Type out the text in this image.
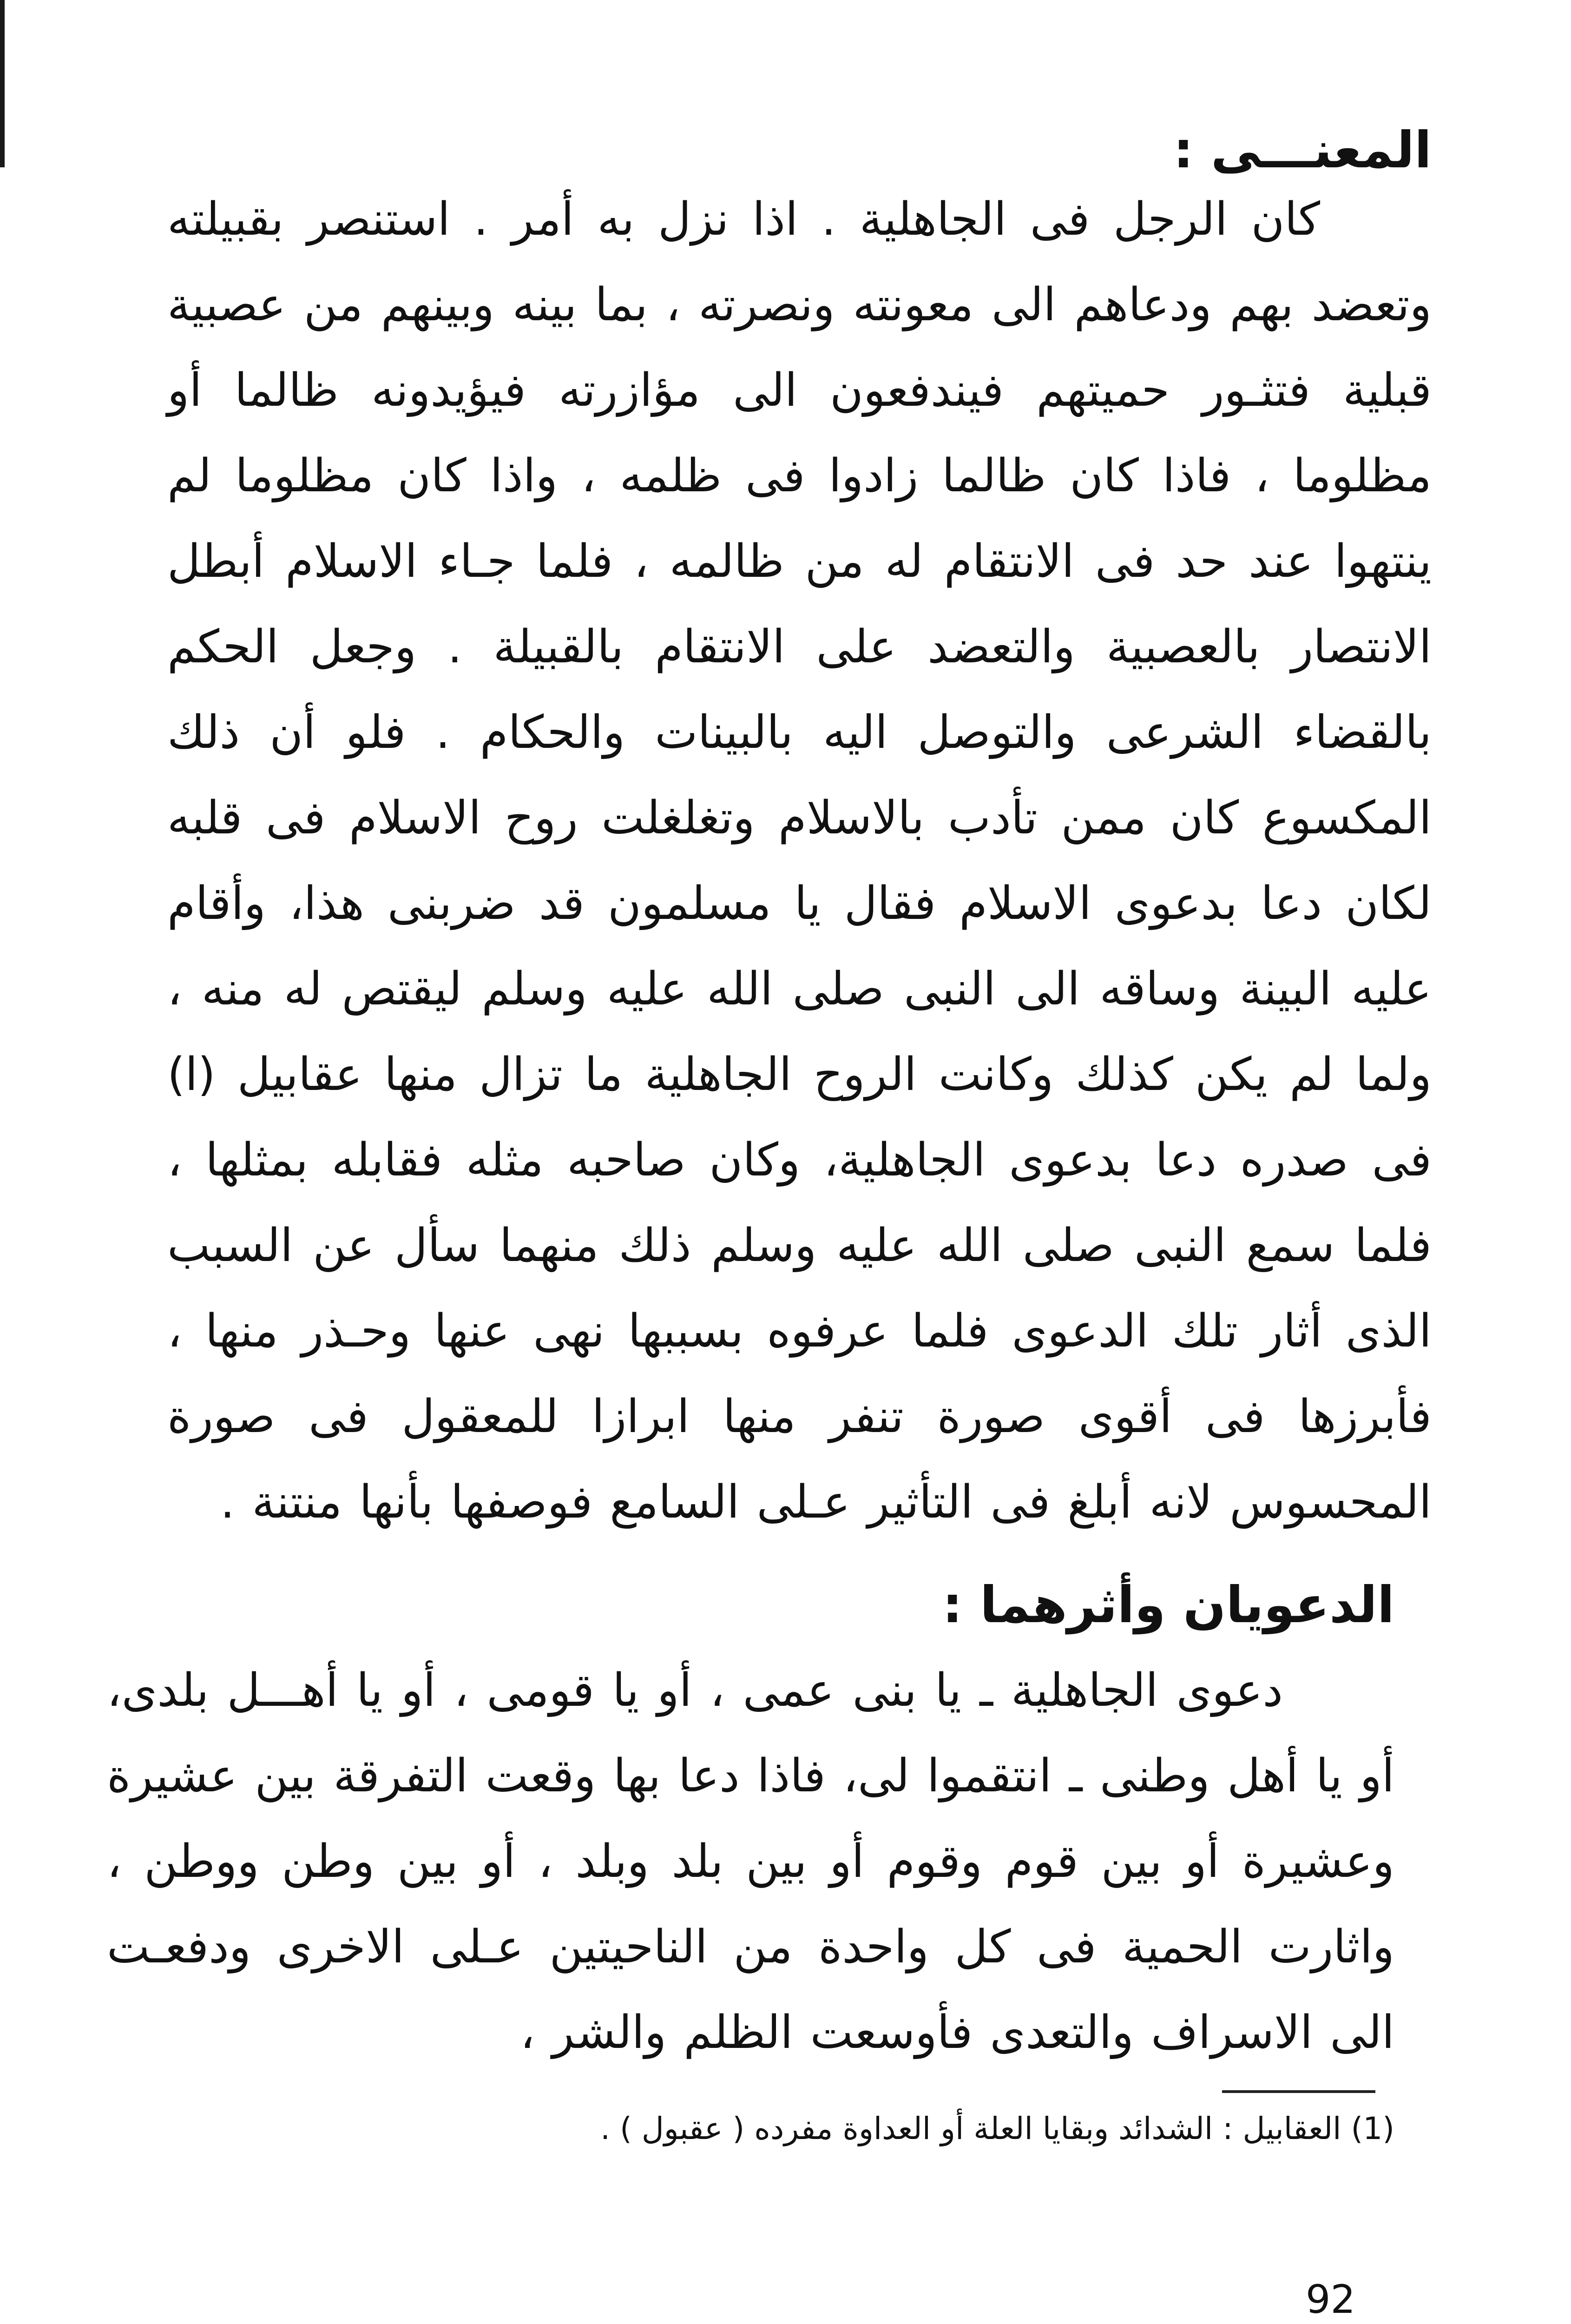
المعنـــى :

كان الرجل فى الجاهلية . اذا نزل به أمر . استنصر بقبيلته وتعضد بهم ودعاهم الى معونته ونصرته ، بما بينه وبينهم من عصبية قبلية فتثـور حميتهم فيندفعون الى مؤازرته فيؤيدونه ظالما أو مظلوما ، فاذا كان ظالما زادوا فى ظلمه ، واذا كان مظلوما لم ينتهوا عند حد فى الانتقام له من ظالمه ، فلما جـاء الاسلام أبطل الانتصار بالعصبية والتعضد على الانتقام بالقبيلة . وجعل الحكم بالقضاء الشرعى والتوصل اليه بالبينات والحكام . فلو أن ذلك المكسوع كان ممن تأدب بالاسلام وتغلغلت روح الاسلام فى قلبه لكان دعا بدعوى الاسلام فقال يا مسلمون قد ضربنى هذا، وأقام عليه البينة وساقه الى النبى صلى الله عليه وسلم ليقتص له منه ، ولما لم يكن كذلك وكانت الروح الجاهلية ما تزال منها عقابيل (ا) فى صدره دعا بدعوى الجاهلية، وكان صاحبه مثله فقابله بمثلها ، فلما سمع النبى صلى الله عليه وسلم ذلك منهما سأل عن السبب الذى أثار تلك الدعوى فلما عرفوه بسببها نهى عنها وحـذر منها ، فأبرزها فى أقوى صورة تنفر منها ابرازا للمعقول فى صورة المحسوس لانه أبلغ فى التأثير عـلى السامع فوصفها بأنها منتنة .

الدعويان وأثرهما :

دعوى الجاهلية ـ يا بنى عمى ، أو يا قومى ، أو يا أهـــل بلدى، أو يا أهل وطنى ـ انتقموا لى، فاذا دعا بها وقعت التفرقة بين عشيرة وعشيرة أو بين قوم وقوم أو بين بلد وبلد ، أو بين وطن ووطن ، واثارت الحمية فى كل واحدة من الناحيتين عـلى الاخرى ودفعـت الى الاسراف والتعدى فأوسعت الظلم والشر ،

(1) العقابيل : الشدائد وبقايا العلة أو العداوة مفرده ( عقبول ) .
92
